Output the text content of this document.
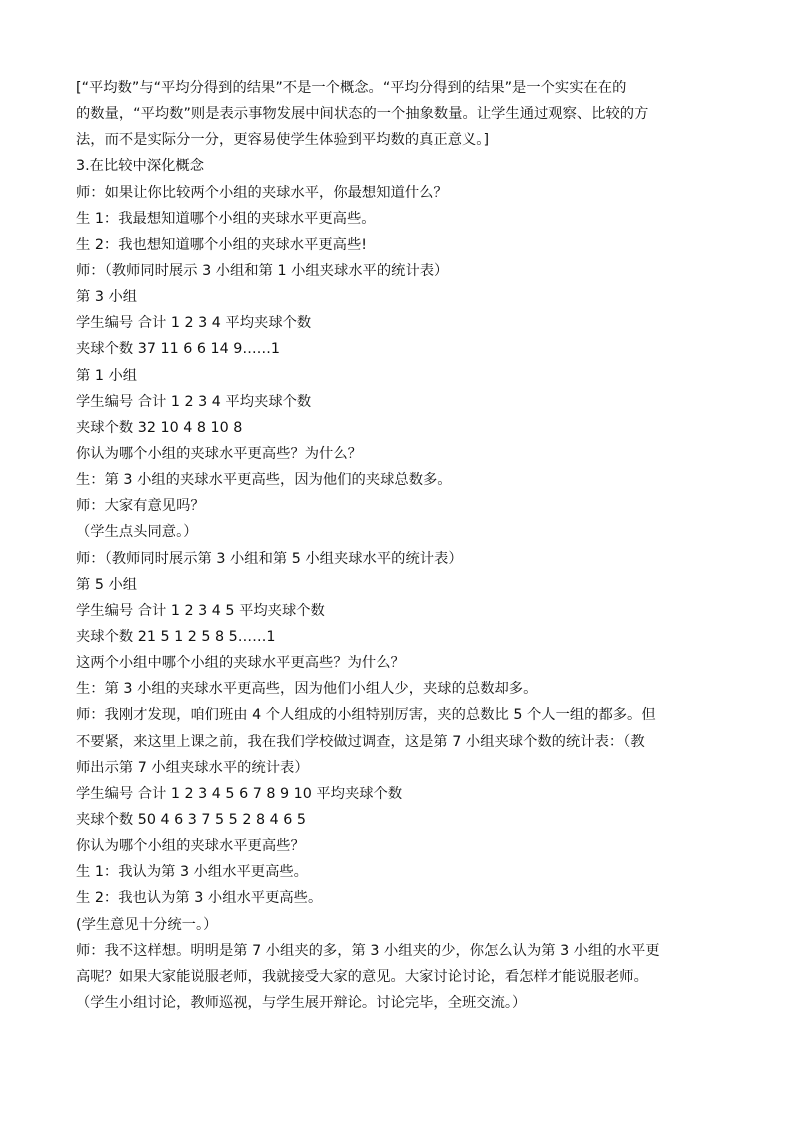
[“平均数”与“平均分得到的结果”不是一个概念。“平均分得到的结果”是一个实实在在的
的数量，“平均数”则是表示事物发展中间状态的一个抽象数量。让学生通过观察、比较的方
法，而不是实际分一分，更容易使学生体验到平均数的真正意义。]
3.在比较中深化概念
师：如果让你比较两个小组的夹球水平，你最想知道什么？
生 1：我最想知道哪个小组的夹球水平更高些。
生 2：我也想知道哪个小组的夹球水平更高些!
师：（教师同时展示 3 小组和第 1 小组夹球水平的统计表）
第 3 小组
学生编号 合计 1 2 3 4 平均夹球个数
夹球个数 37 11 6 6 14 9……1
第 1 小组
学生编号 合计 1 2 3 4 平均夹球个数
夹球个数 32 10 4 8 10 8
你认为哪个小组的夹球水平更高些？为什么？
生：第 3 小组的夹球水平更高些，因为他们的夹球总数多。
师：大家有意见吗？
（学生点头同意。）
师：（教师同时展示第 3 小组和第 5 小组夹球水平的统计表）
第 5 小组
学生编号 合计 1 2 3 4 5 平均夹球个数
夹球个数 21 5 1 2 5 8 5……1
这两个小组中哪个小组的夹球水平更高些？为什么？
生：第 3 小组的夹球水平更高些，因为他们小组人少，夹球的总数却多。
师：我刚才发现，咱们班由 4 个人组成的小组特别厉害，夹的总数比 5 个人一组的都多。但
不要紧，来这里上课之前，我在我们学校做过调查，这是第 7 小组夹球个数的统计表：（教
师出示第 7 小组夹球水平的统计表）
学生编号 合计 1 2 3 4 5 6 7 8 9 10 平均夹球个数
夹球个数 50 4 6 3 7 5 5 2 8 4 6 5
你认为哪个小组的夹球水平更高些？
生 1：我认为第 3 小组水平更高些。
生 2：我也认为第 3 小组水平更高些。
(学生意见十分统一。）
师：我不这样想。明明是第 7 小组夹的多，第 3 小组夹的少，你怎么认为第 3 小组的水平更
高呢？如果大家能说服老师，我就接受大家的意见。大家讨论讨论，看怎样才能说服老师。
（学生小组讨论，教师巡视，与学生展开辩论。讨论完毕，全班交流。）
